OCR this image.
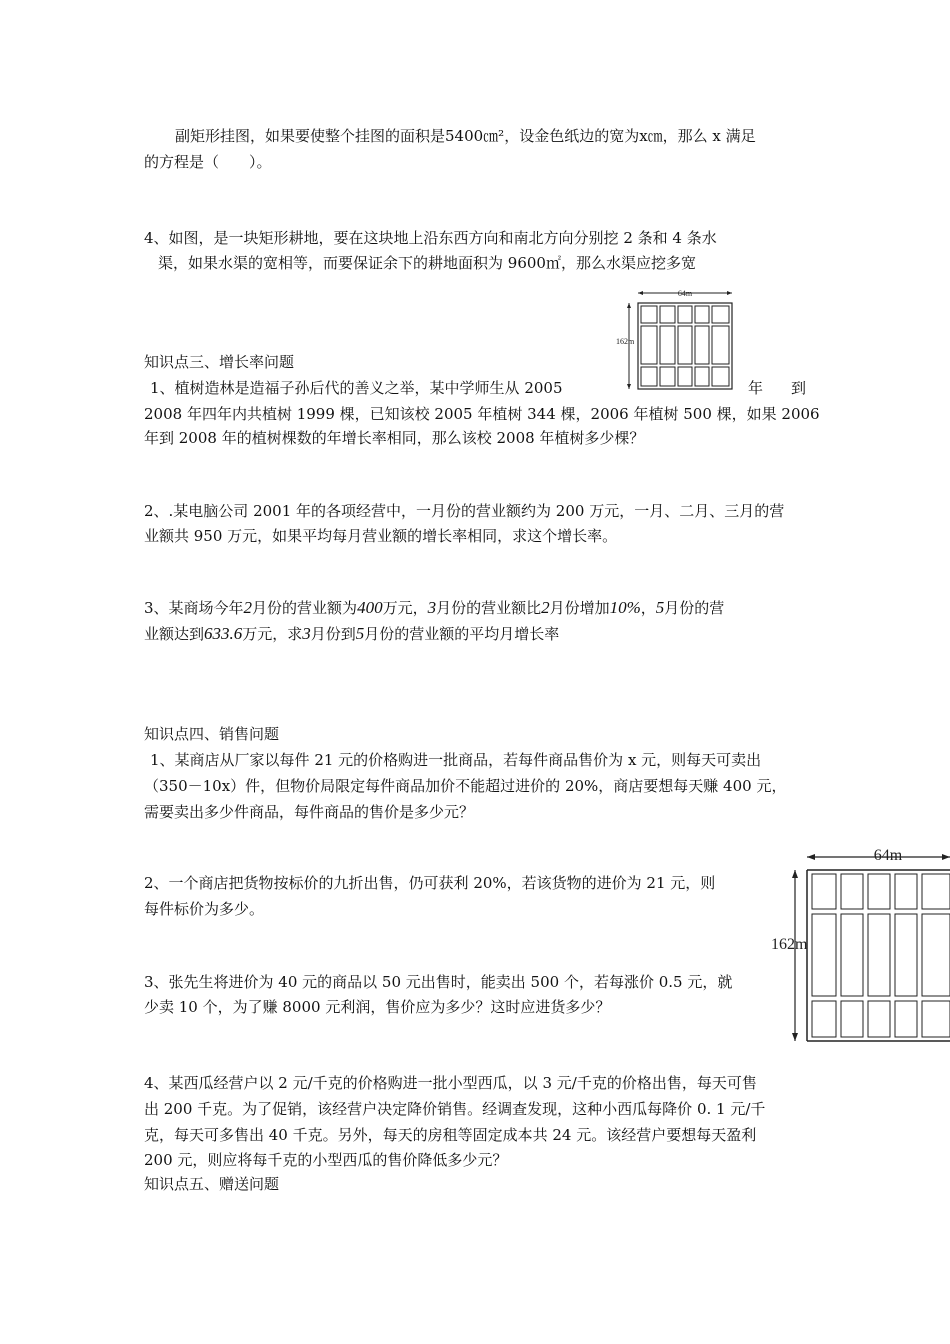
副矩形挂图，如果要使整个挂图的面积是5400㎝²，设金色纸边的宽为x㎝，那么 x 满足
的方程是（　　）。
4、如图，是一块矩形耕地，要在这块地上沿东西方向和南北方向分别挖 2 条和 4 条水
渠，如果水渠的宽相等，而要保证余下的耕地面积为 9600㎡，那么水渠应挖多宽
64m
162m
知识点三、增长率问题
1、植树造林是造福子孙后代的善义之举，某中学师生从 2005	年 到
2008 年四年内共植树 1999 棵，已知该校 2005 年植树 344 棵，2006 年植树 500 棵，如果 2006
年到 2008 年的植树棵数的年增长率相同，那么该校 2008 年植树多少棵？
2、.某电脑公司 2001 年的各项经营中，一月份的营业额约为 200 万元，一月、二月、三月的营
业额共 950 万元，如果平均每月营业额的增长率相同，求这个增长率。
3、某商场今年2月份的营业额为400万元，3月份的营业额比2月份增加10%，5月份的营
业额达到633.6万元，求3月份到5月份的营业额的平均月增长率
知识点四、销售问题
1、某商店从厂家以每件 21 元的价格购进一批商品，若每件商品售价为 x 元，则每天可卖出
（350－10x）件，但物价局限定每件商品加价不能超过进价的 20%，商店要想每天赚 400 元，
需要卖出多少件商品，每件商品的售价是多少元？
2、一个商店把货物按标价的九折出售，仍可获利 20%，若该货物的进价为 21 元，则
每件标价为多少。
3、张先生将进价为 40 元的商品以 50 元出售时，能卖出 500 个，若每涨价 0.5 元，就
少卖 10 个，为了赚 8000 元利润，售价应为多少？这时应进货多少？
64m
162m
4、某西瓜经营户以 2 元/千克的价格购进一批小型西瓜，以 3 元/千克的价格出售，每天可售
出 200 千克。为了促销，该经营户决定降价销售。经调查发现，这种小西瓜每降价 0. 1 元/千
克，每天可多售出 40 千克。另外，每天的房租等固定成本共 24 元。该经营户要想每天盈利
200 元，则应将每千克的小型西瓜的售价降低多少元？
知识点五、赠送问题
